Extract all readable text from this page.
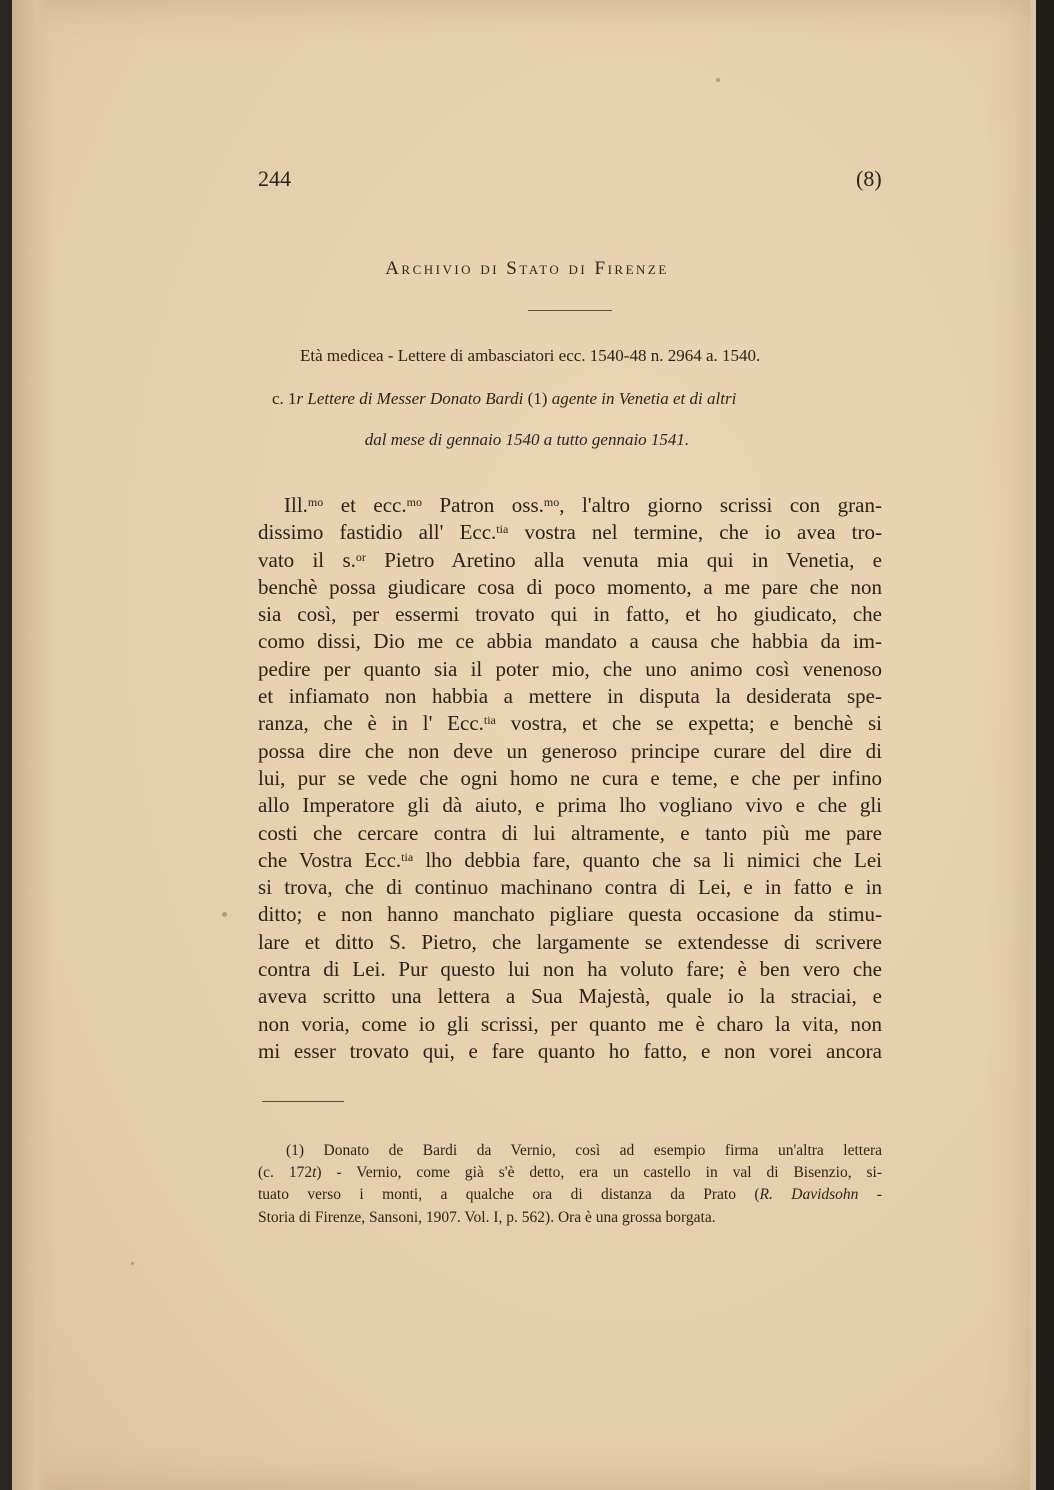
244	(8)
Archivio di Stato di Firenze
Età medicea - Lettere di ambasciatori ecc. 1540-48 n. 2964 a. 1540.
c. 1r Lettere di Messer Donato Bardi (1) agente in Venetia et di altri
dal mese di gennaio 1540 a tutto gennaio 1541.
Ill.$^{mo}$ et ecc.$^{mo}$ Patron oss.$^{mo}$, l'altro giorno scrissi con gran-
dissimo fastidio all' Ecc.$^{tia}$ vostra nel termine, che io avea tro-
vato il s.$^{or}$ Pietro Aretino alla venuta mia qui in Venetia, e
benchè possa giudicare cosa di poco momento, a me pare che non
sia così, per essermi trovato qui in fatto, et ho giudicato, che
como dissi, Dio me ce abbia mandato a causa che habbia da im-
pedire per quanto sia il poter mio, che uno animo così venenoso
et infiamato non habbia a mettere in disputa la desiderata spe-
ranza, che è in l' Ecc.$^{tia}$ vostra, et che se expetta; e benchè si
possa dire che non deve un generoso principe curare del dire di
lui, pur se vede che ogni homo ne cura e teme, e che per infino
allo Imperatore gli dà aiuto, e prima lho vogliano vivo e che gli
costi che cercare contra di lui altramente, e tanto più me pare
che Vostra Ecc.$^{tia}$ lho debbia fare, quanto che sa li nimici che Lei
si trova, che di continuo machinano contra di Lei, e in fatto e in
ditto; e non hanno manchato pigliare questa occasione da stimu-
lare et ditto S. Pietro, che largamente se extendesse di scrivere
contra di Lei. Pur questo lui non ha voluto fare; è ben vero che
aveva scritto una lettera a Sua Majestà, quale io la straciai, e
non voria, come io gli scrissi, per quanto me è charo la vita, non
mi esser trovato qui, e fare quanto ho fatto, e non vorei ancora
(1) Donato de Bardi da Vernio, così ad esempio firma un'altra lettera
(c. 172t) - Vernio, come già s'è detto, era un castello in val di Bisenzio, si-
tuato verso i monti, a qualche ora di distanza da Prato (R. Davidsohn -
Storia di Firenze, Sansoni, 1907. Vol. I, p. 562). Ora è una grossa borgata.
